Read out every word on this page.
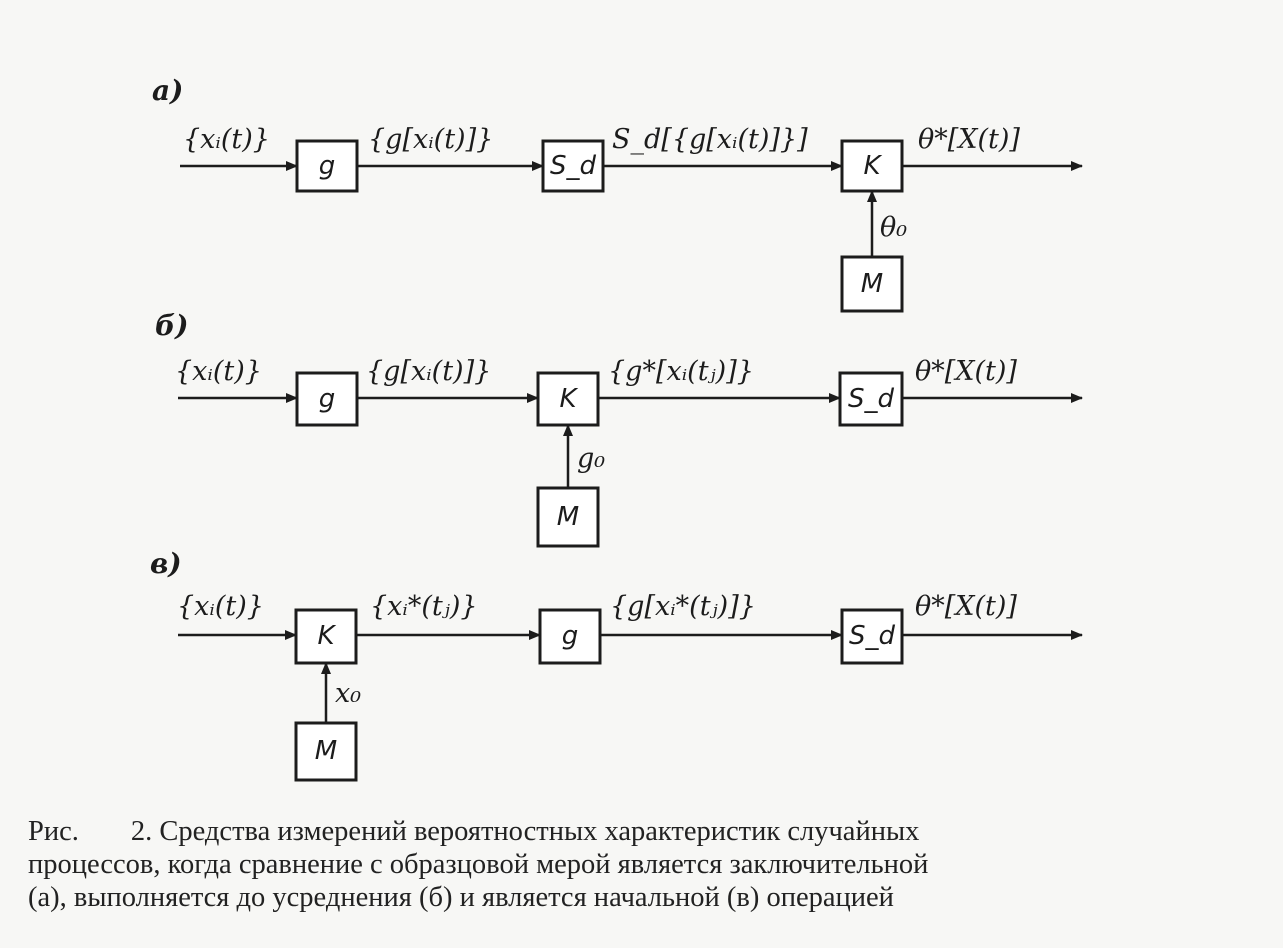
а)
{xᵢ(t)}
g
{g[xᵢ(t)]}
S_d
S_d[{g[xᵢ(t)]}]
K
θ*[X(t)]
M
θ₀
б)
{xᵢ(t)}
g
{g[xᵢ(t)]}
K
{g*[xᵢ(tⱼ)]}
S_d
θ*[X(t)]
M
g₀
в)
{xᵢ(t)}
K
{xᵢ*(tⱼ)}
g
{g[xᵢ*(tⱼ)]}
S_d
θ*[X(t)]
M
x₀

Рис. 2. Средства измерений вероятностных характеристик случайных
процессов, когда сравнение с образцовой мерой является заключительной
(а), выполняется до усреднения (б) и является начальной (в) операцией
